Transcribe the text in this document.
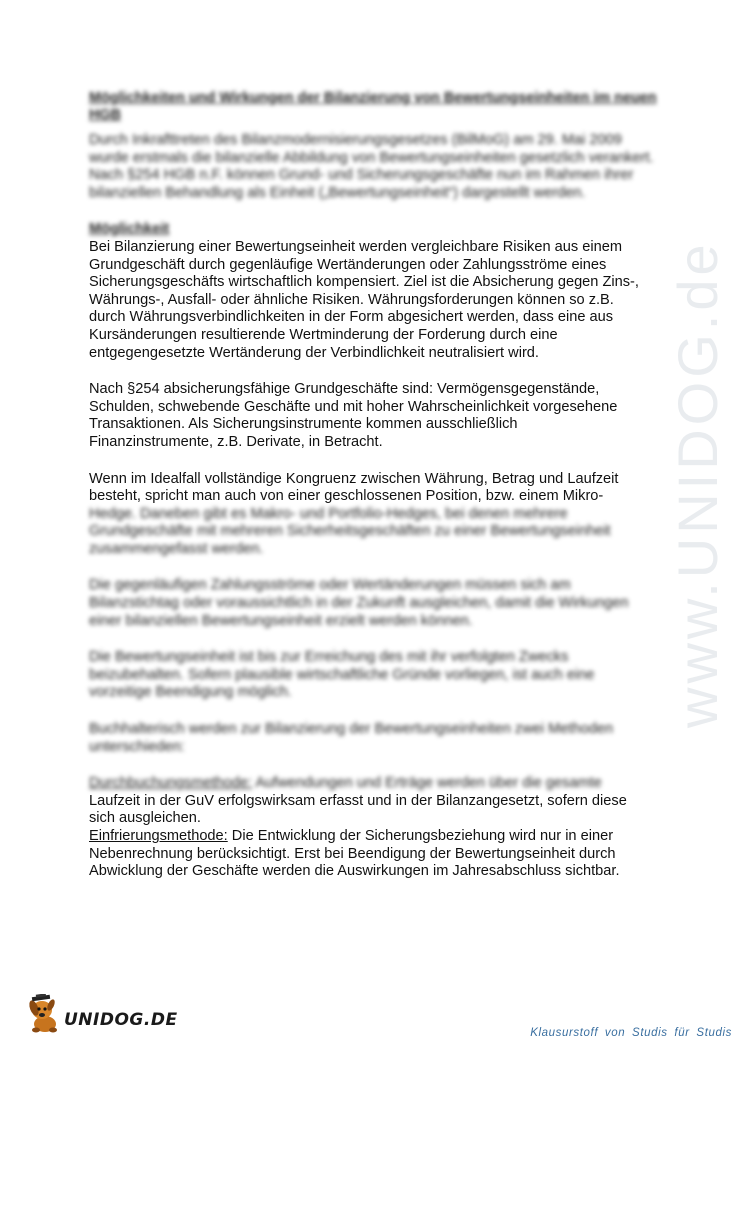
www.UNIDOG.de
Möglichkeiten und Wirkungen der Bilanzierung von Bewertungseinheiten im neuen HGB
Durch Inkrafttreten des Bilanzmodernisierungsgesetzes (BilMoG) am 29. Mai 2009 wurde erstmals die bilanzielle Abbildung von Bewertungseinheiten gesetzlich verankert.
Nach §254 HGB n.F. können Grund- und Sicherungsgeschäfte nun im Rahmen ihrer bilanziellen Behandlung als Einheit („Bewertungseinheit“) dargestellt werden.
Möglichkeit
Bei Bilanzierung einer Bewertungseinheit werden vergleichbare Risiken aus einem
Grundgeschäft durch gegenläufige Wertänderungen oder Zahlungsströme eines
Sicherungsgeschäfts wirtschaftlich kompensiert. Ziel ist die Absicherung gegen Zins-,
Währungs-, Ausfall- oder ähnliche Risiken. Währungsforderungen können so z.B.
durch Währungsverbindlichkeiten in der Form abgesichert werden, dass eine aus
Kursänderungen resultierende Wertminderung der Forderung durch eine
entgegengesetzte Wertänderung der Verbindlichkeit neutralisiert wird.
Nach §254 absicherungsfähige Grundgeschäfte sind: Vermögensgegenstände,
Schulden, schwebende Geschäfte und mit hoher Wahrscheinlichkeit vorgesehene
Transaktionen. Als Sicherungsinstrumente kommen ausschließlich
Finanzinstrumente, z.B. Derivate, in Betracht.
Wenn im Idealfall vollständige Kongruenz zwischen Währung, Betrag und Laufzeit
besteht, spricht man auch von einer geschlossenen Position, bzw. einem Mikro-
Hedge. Daneben gibt es Makro- und Portfolio-Hedges, bei denen mehrere
Grundgeschäfte mit mehreren Sicherheitsgeschäften zu einer Bewertungseinheit
zusammengefasst werden.
Die gegenläufigen Zahlungsströme oder Wertänderungen müssen sich am Bilanzstichtag oder voraussichtlich in der Zukunft ausgleichen, damit die Wirkungen einer bilanziellen Bewertungseinheit erzielt werden können.
Die Bewertungseinheit ist bis zur Erreichung des mit ihr verfolgten Zwecks beizubehalten. Sofern plausible wirtschaftliche Gründe vorliegen, ist auch eine vorzeitige Beendigung möglich.
Buchhalterisch werden zur Bilanzierung der Bewertungseinheiten zwei Methoden unterschieden:
Durchbuchungsmethode: Aufwendungen und Erträge werden über die gesamte
Laufzeit in der GuV erfolgswirksam erfasst und in der Bilanzangesetzt, sofern diese
sich ausgleichen.
Einfrierungsmethode: Die Entwicklung der Sicherungsbeziehung wird nur in einer
Nebenrechnung berücksichtigt. Erst bei Beendigung der Bewertungseinheit durch
Abwicklung der Geschäfte werden die Auswirkungen im Jahresabschluss sichtbar.
UNIDOG.DE
Klausurstoff von Studis für Studis
